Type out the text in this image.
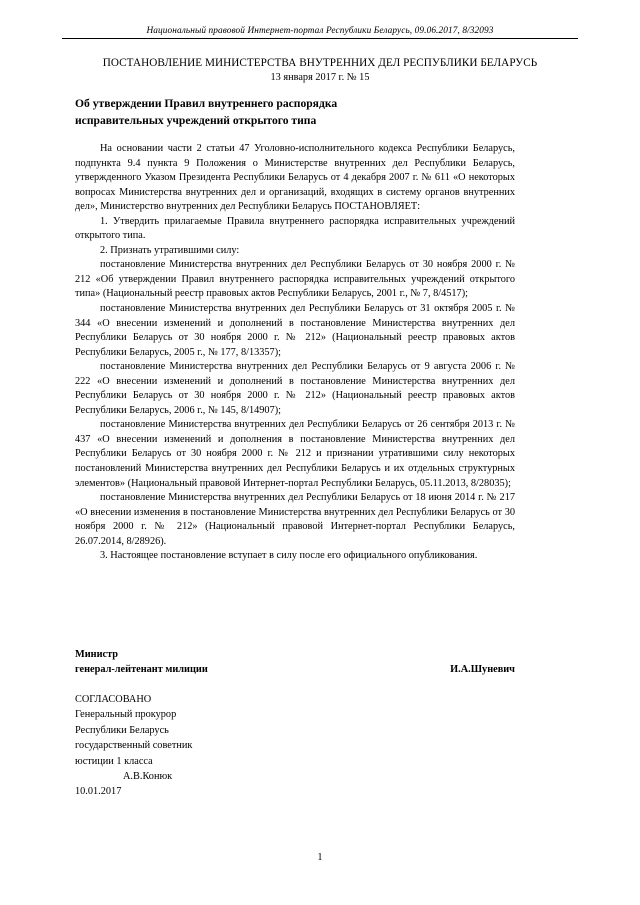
Национальный правовой Интернет-портал Республики Беларусь, 09.06.2017, 8/32093
ПОСТАНОВЛЕНИЕ МИНИСТЕРСТВА ВНУТРЕННИХ ДЕЛ РЕСПУБЛИКИ БЕЛАРУСЬ
13 января 2017 г. № 15
Об утверждении Правил внутреннего распорядка
исправительных учреждений открытого типа

На основании части 2 статьи 47 Уголовно-исполнительного кодекса Республики Беларусь, подпункта 9.4 пункта 9 Положения о Министерстве внутренних дел Республики Беларусь, утвержденного Указом Президента Республики Беларусь от 4 декабря 2007 г. № 611 «О некоторых вопросах Министерства внутренних дел и организаций, входящих в систему органов внутренних дел», Министерство внутренних дел Республики Беларусь ПОСТАНОВЛЯЕТ:

1. Утвердить прилагаемые Правила внутреннего распорядка исправительных учреждений открытого типа.

2. Признать утратившими силу:

постановление Министерства внутренних дел Республики Беларусь от 30 ноября 2000 г. № 212 «Об утверждении Правил внутреннего распорядка исправительных учреждений открытого типа» (Национальный реестр правовых актов Республики Беларусь, 2001 г., № 7, 8/4517);

постановление Министерства внутренних дел Республики Беларусь от 31 октября 2005 г. № 344 «О внесении изменений и дополнений в постановление Министерства внутренних дел Республики Беларусь от 30 ноября 2000 г. № 212» (Национальный реестр правовых актов Республики Беларусь, 2005 г., № 177, 8/13357);

постановление Министерства внутренних дел Республики Беларусь от 9 августа 2006 г. № 222 «О внесении изменений и дополнений в постановление Министерства внутренних дел Республики Беларусь от 30 ноября 2000 г. № 212» (Национальный реестр правовых актов Республики Беларусь, 2006 г., № 145, 8/14907);

постановление Министерства внутренних дел Республики Беларусь от 26 сентября 2013 г. № 437 «О внесении изменений и дополнения в постановление Министерства внутренних дел Республики Беларусь от 30 ноября 2000 г. № 212 и признании утратившими силу некоторых постановлений Министерства внутренних дел Республики Беларусь и их отдельных структурных элементов» (Национальный правовой Интернет-портал Республики Беларусь, 05.11.2013, 8/28035);

постановление Министерства внутренних дел Республики Беларусь от 18 июня 2014 г. № 217 «О внесении изменения в постановление Министерства внутренних дел Республики Беларусь от 30 ноября 2000 г. № 212» (Национальный правовой Интернет-портал Республики Беларусь, 26.07.2014, 8/28926).

3. Настоящее постановление вступает в силу после его официального опубликования.

Министр
генерал-лейтенант милиции	И.А.Шуневич
СОГЛАСОВАНО
Генеральный прокурор
Республики Беларусь
государственный советник
юстиции 1 класса
А.В.Конюк
10.01.2017
1
